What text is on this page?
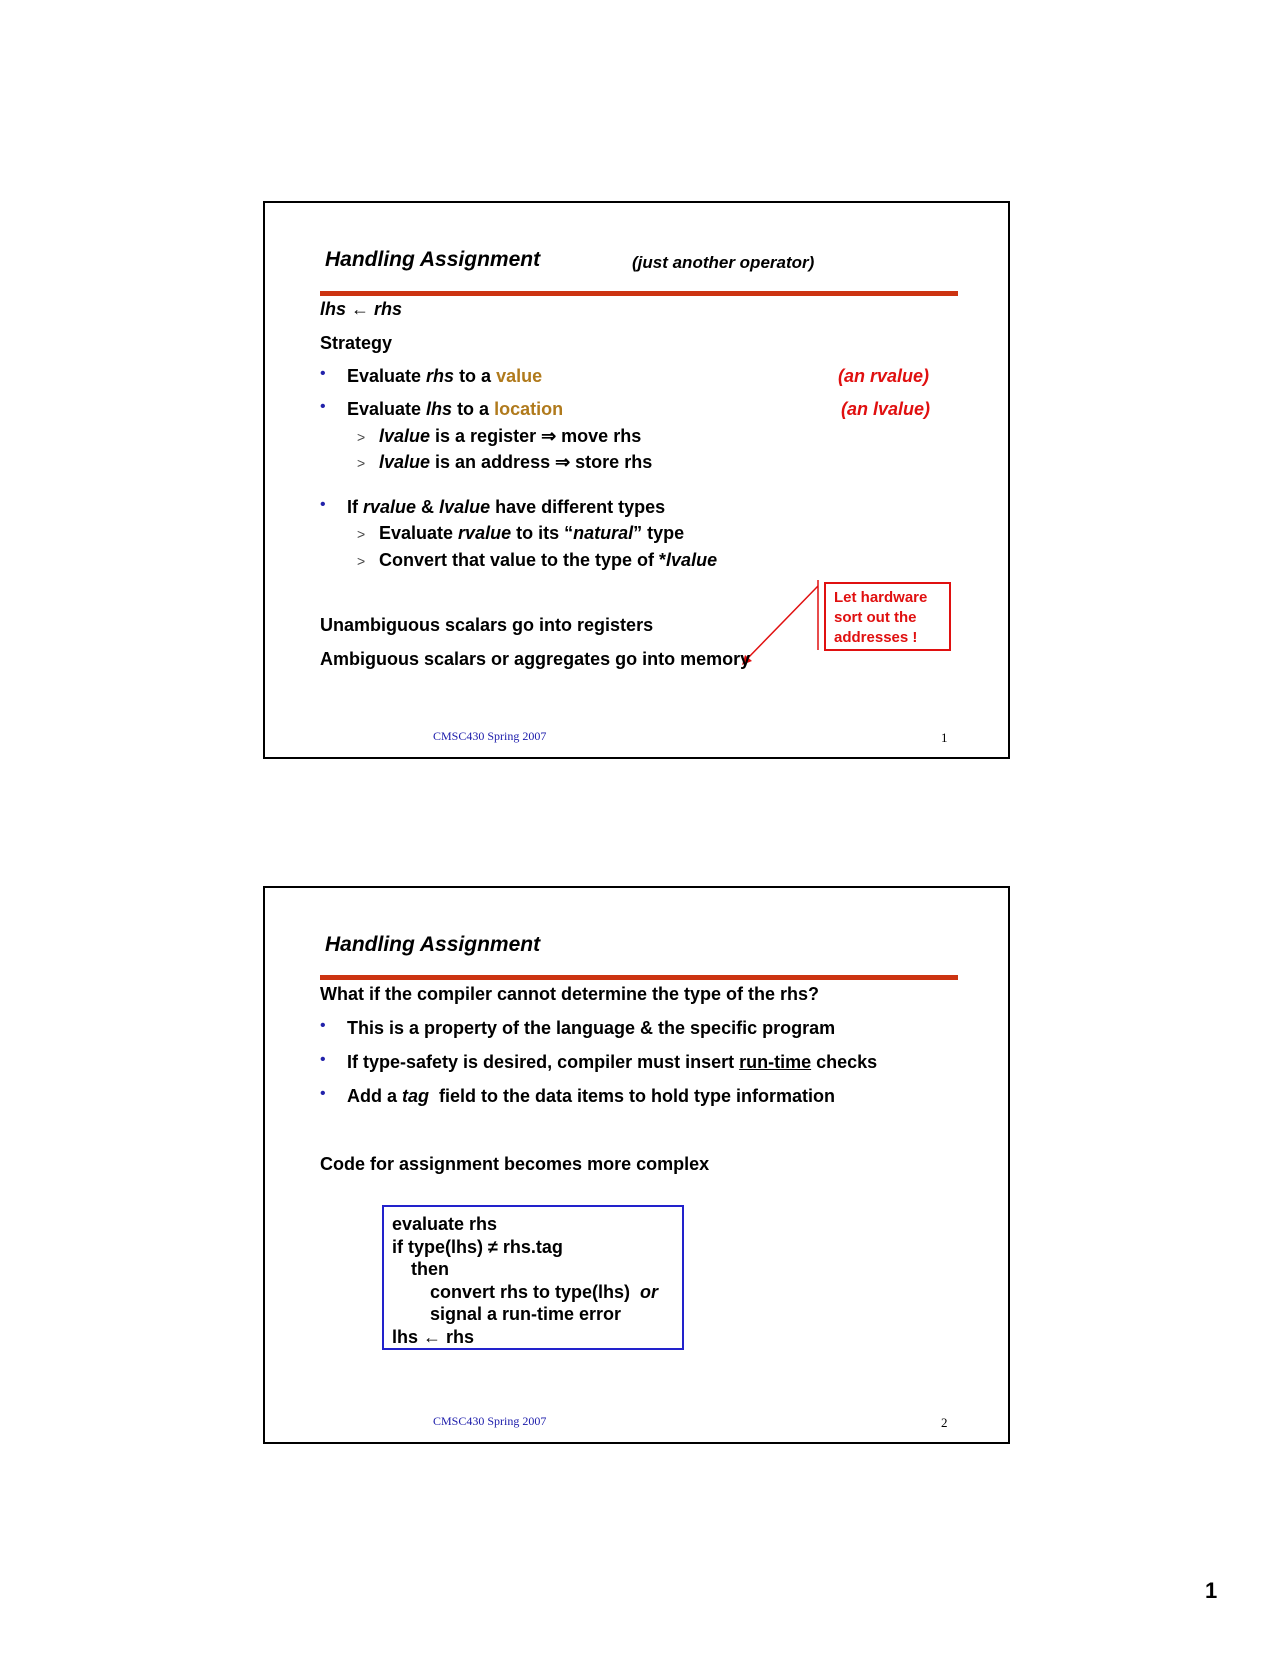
Handling Assignment	(just another operator)
lhs ← rhs
Strategy
• Evaluate rhs to a value	(an rvalue)
• Evaluate lhs to a location	(an lvalue)
> lvalue is a register ⇒ move rhs
> lvalue is an address ⇒ store rhs
• If rvalue & lvalue have different types
> Evaluate rvalue to its “natural” type
> Convert that value to the type of *lvalue
Let hardware
sort out the
addresses !
Unambiguous scalars go into registers
Ambiguous scalars or aggregates go into memory
CMSC430 Spring 2007	1
Handling Assignment
What if the compiler cannot determine the type of the rhs?
• This is a property of the language & the specific program
• If type-safety is desired, compiler must insert run-time checks
• Add a tag  field to the data items to hold type information
Code for assignment becomes more complex
evaluate rhs
if type(lhs) ≠ rhs.tag
then
convert rhs to type(lhs) or
signal a run-time error
lhs ← rhs
CMSC430 Spring 2007	2
1
